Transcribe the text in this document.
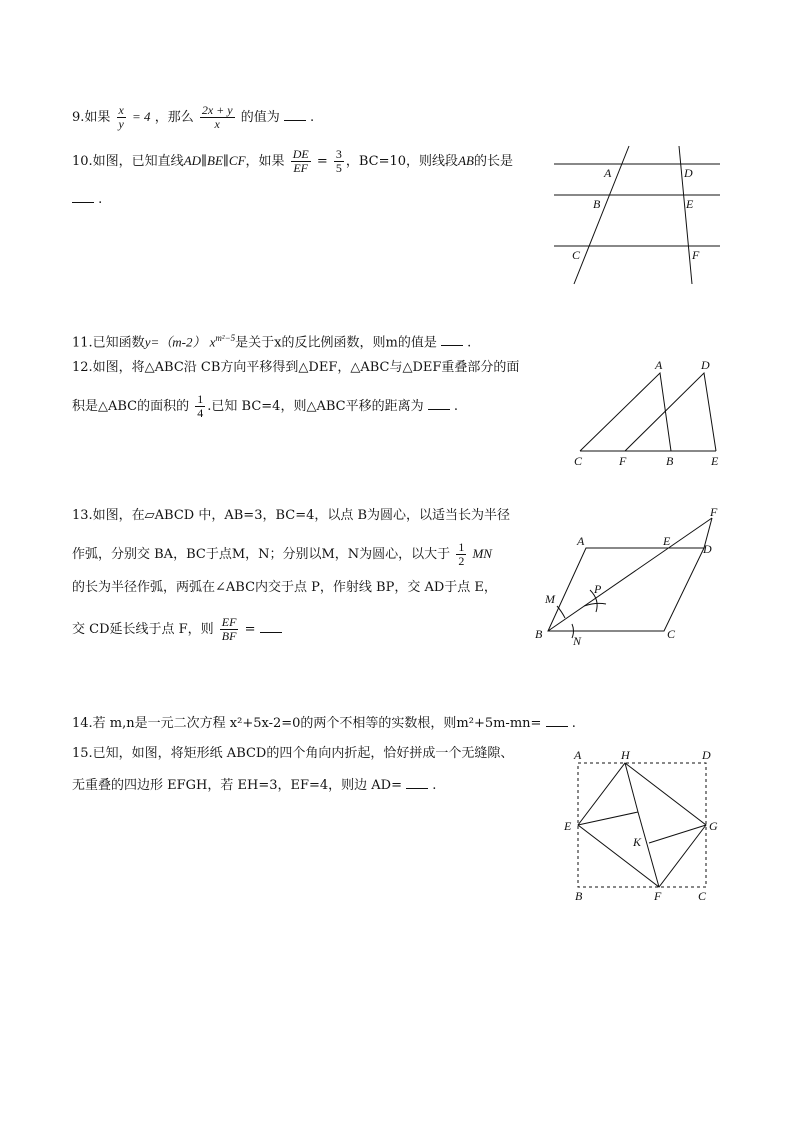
9.如果 $\frac{x}{y} = 4$ ，那么 $\frac{2x + y}{x}$ 的值为 .
10.如图，已知直线AD∥BE∥CF，如果 $\frac{DE}{EF} = \frac{3}{5}$ ，BC=10，则线段AB的长是
.
A	D
B	E
C	F
11.已知函数y=（m-2） $x^{m^2-5}$是关于x的反比例函数，则m的值是 .
12.如图，将△ABC沿 CB方向平移得到△DEF，△ABC与△DEF重叠部分的面
积是△ABC的面积的 $\frac{1}{4}$ .已知 BC=4，则△ABC平移的距离为 .
A	D
C	F	B	E
13.如图，在▱ABCD 中，AB=3，BC=4，以点 B为圆心，以适当长为半径
作弧，分别交 BA，BC于点M，N；分别以M，N为圆心，以大于 $\frac{1}{2}$ MN
的长为半径作弧，两弧在∠ABC内交于点 P，作射线 BP，交 AD于点 E，
交 CD延长线于点 F，则 $\frac{EF}{BF}$ =
A	E
F
D
M
P
B	N	C
14.若 m,n是一元二次方程 x²+5x-2=0的两个不相等的实数根，则m²+5m-mn= .
15.已知，如图，将矩形纸 ABCD的四个角向内折起，恰好拼成一个无缝隙、
无重叠的四边形 EFGH，若 EH=3，EF=4，则边 AD= .
A	H	D
E	G
K
B	F	C
